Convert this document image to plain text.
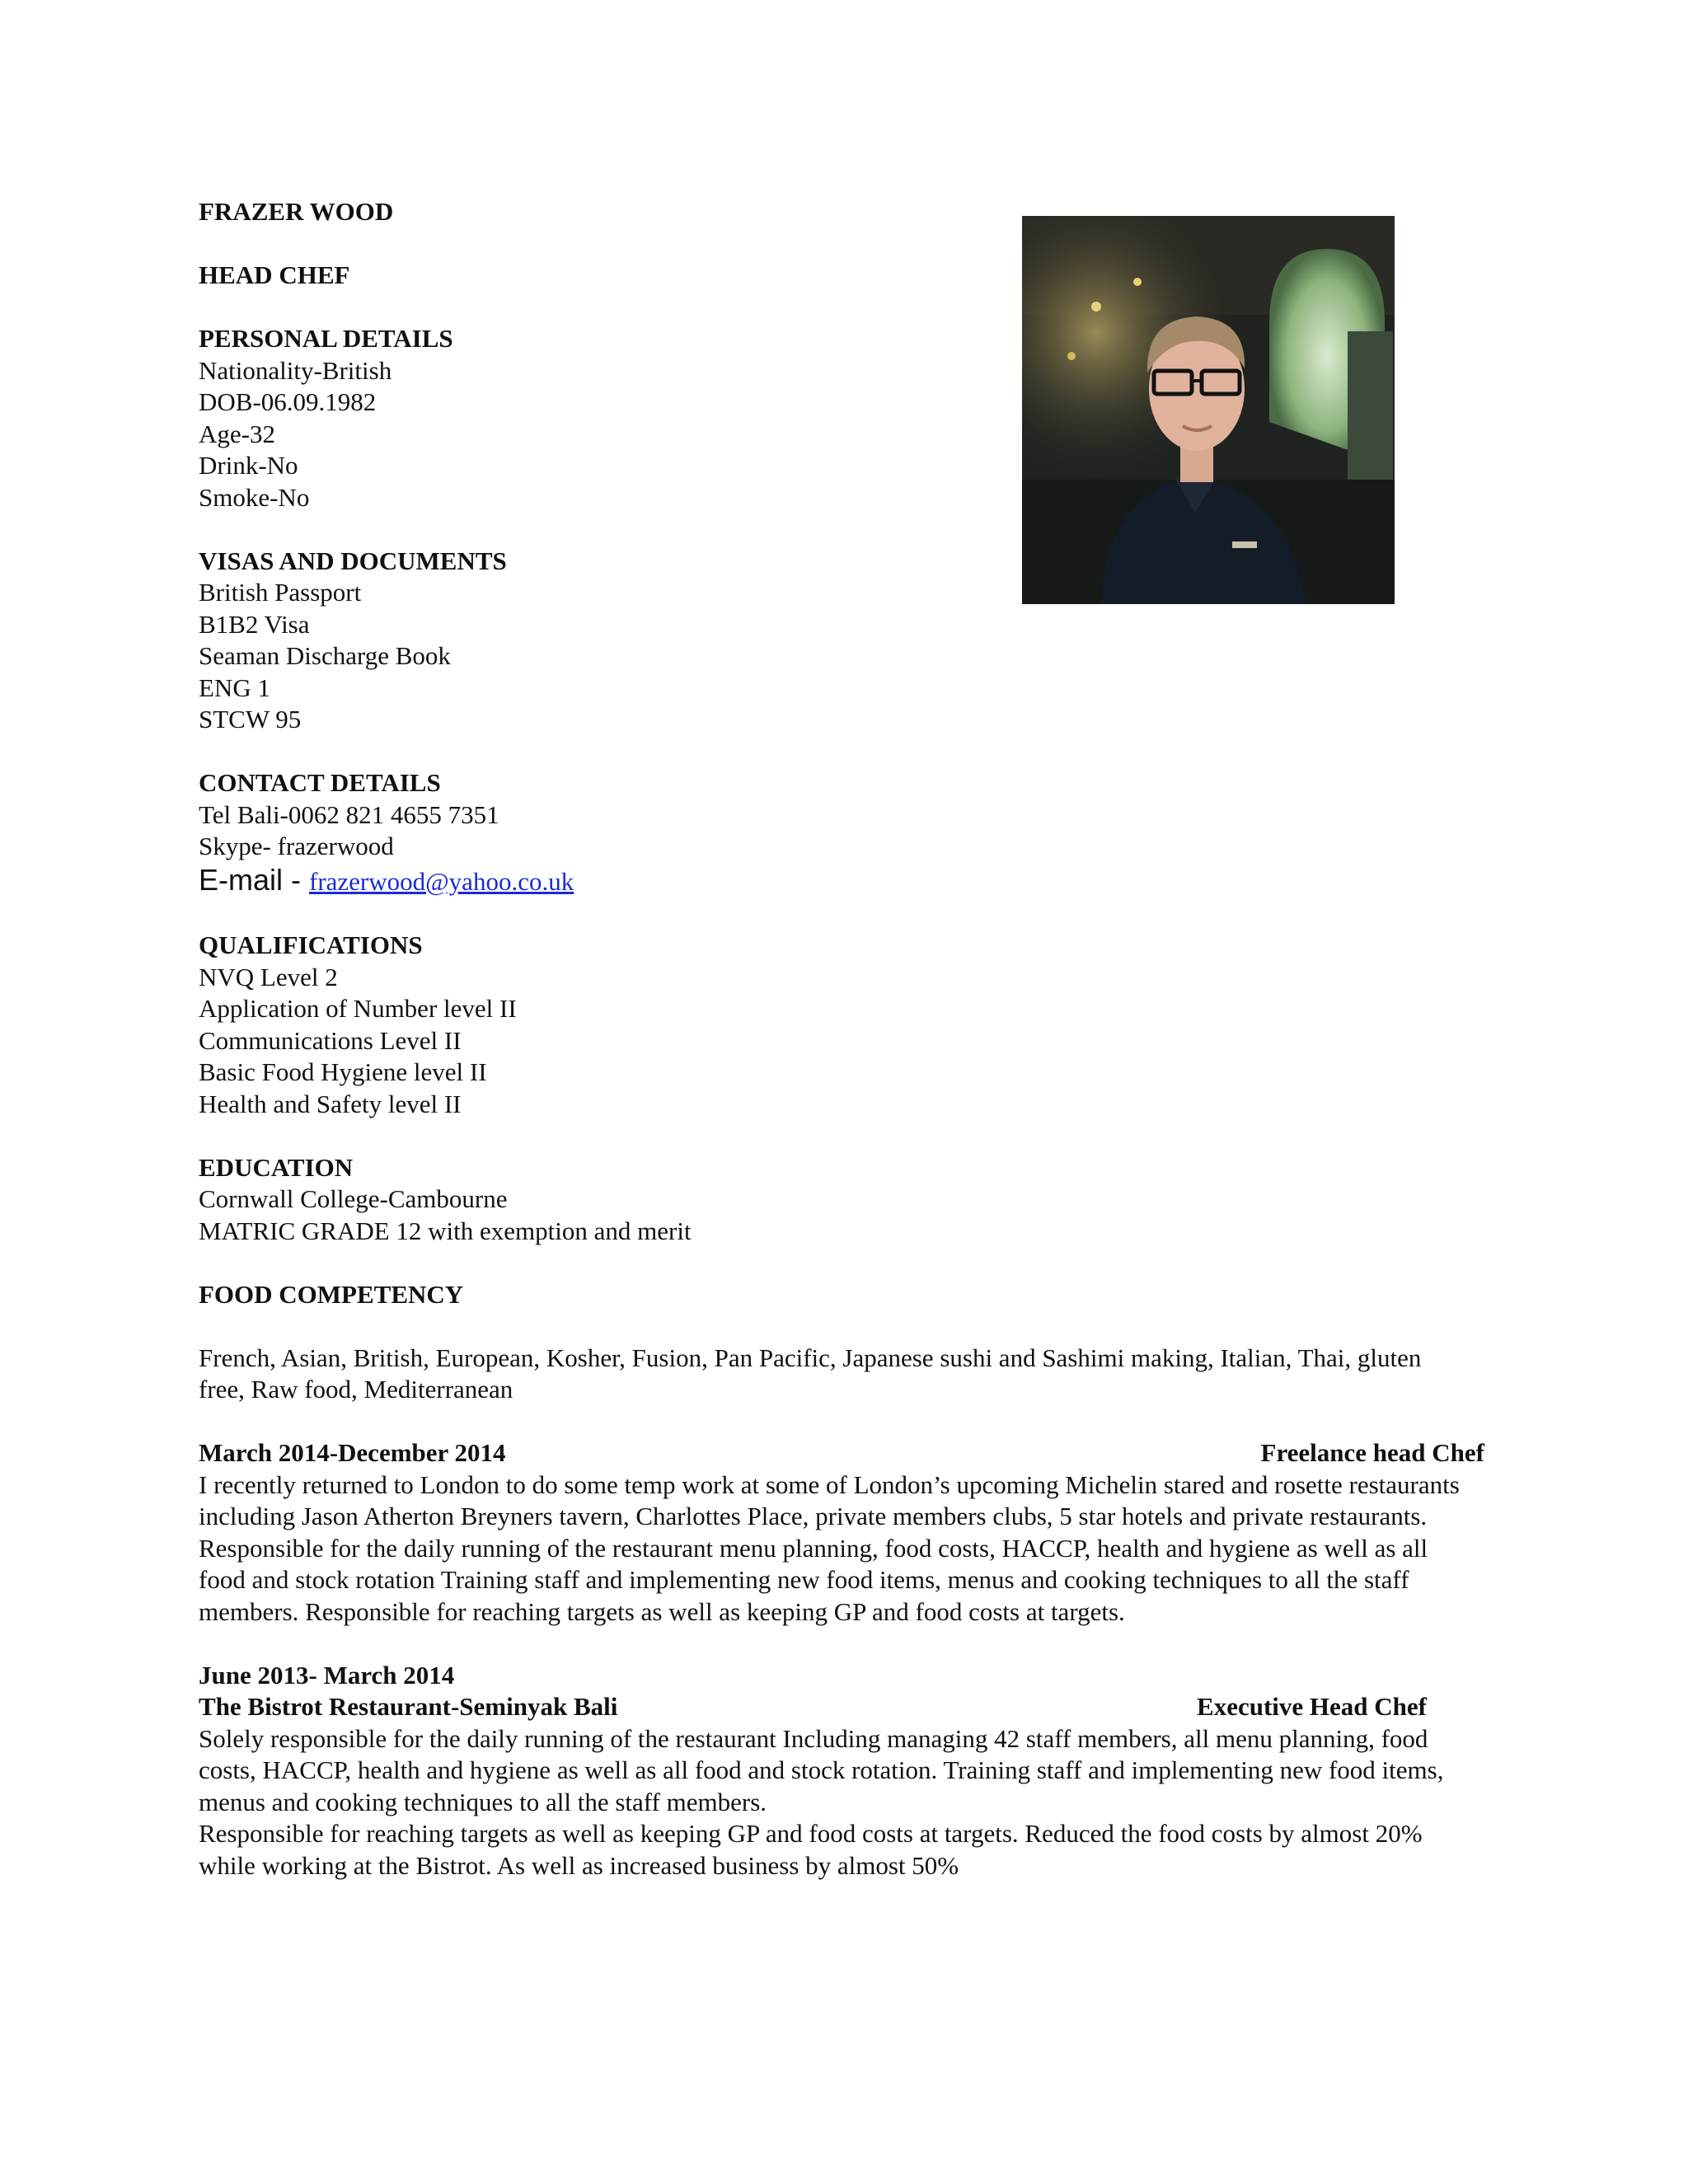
FRAZER WOOD
HEAD CHEF
PERSONAL DETAILS
Nationality-British
DOB-06.09.1982
Age-32
Drink-No
Smoke-No
VISAS AND DOCUMENTS
British Passport
B1B2 Visa
Seaman Discharge Book
ENG 1
STCW 95
CONTACT DETAILS
Tel Bali-0062 821 4655 7351
Skype- frazerwood
E-mail - frazerwood@yahoo.co.uk
QUALIFICATIONS
NVQ Level 2
Application of Number level II
Communications Level II
Basic Food Hygiene level II
Health and Safety level II
EDUCATION
Cornwall College-Cambourne
MATRIC GRADE 12 with exemption and merit
FOOD COMPETENCY
French, Asian, British, European, Kosher, Fusion, Pan Pacific, Japanese sushi and Sashimi making, Italian, Thai, gluten free, Raw food, Mediterranean
March 2014-December 2014	Freelance head Chef
I recently returned to London to do some temp work at some of London’s upcoming Michelin stared and rosette restaurants including Jason Atherton Breyners tavern, Charlottes Place, private members clubs, 5 star hotels and private restaurants. Responsible for the daily running of the restaurant menu planning, food costs, HACCP, health and hygiene as well as all food and stock rotation Training staff and implementing new food items, menus and cooking techniques to all the staff members. Responsible for reaching targets as well as keeping GP and food costs at targets.
June 2013- March 2014
The Bistrot Restaurant-Seminyak Bali	Executive Head Chef
Solely responsible for the daily running of the restaurant Including managing 42 staff members, all menu planning, food costs, HACCP, health and hygiene as well as all food and stock rotation. Training staff and implementing new food items, menus and cooking techniques to all the staff members.
Responsible for reaching targets as well as keeping GP and food costs at targets. Reduced the food costs by almost 20% while working at the Bistrot. As well as increased business by almost 50%
